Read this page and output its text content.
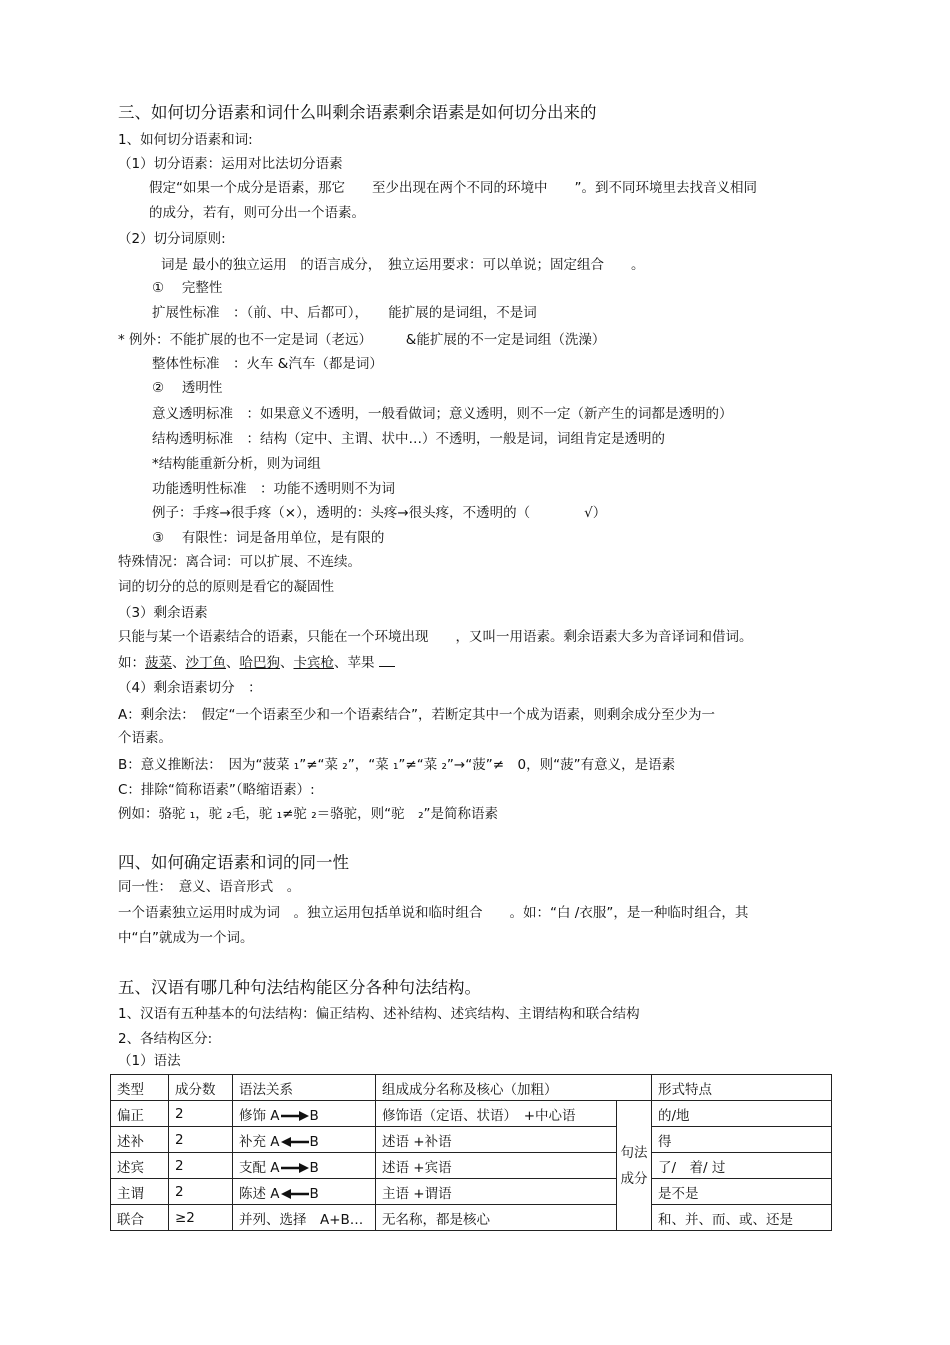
三、如何切分语素和词什么叫剩余语素剩余语素是如何切分出来的
1、如何切分语素和词:
（1）切分语素：运用对比法切分语素
假定“如果一个成分是语素，那它　　至少出现在两个不同的环境中　　”。到不同环境里去找音义相同
的成分，若有，则可分出一个语素。
（2）切分词原则:
词是 最小的独立运用　的语言成分，　独立运用要求：可以单说；固定组合　　。
①　 完整性
扩展性标准　：（前、中、后都可），　　能扩展的是词组，不是词
* 例外：不能扩展的也不一定是词（老远）　　　&能扩展的不一定是词组（洗澡）
整体性标准　：火车 &汽车（都是词）
②　 透明性
意义透明标准　：如果意义不透明，一般看做词；意义透明，则不一定（新产生的词都是透明的）
结构透明标准　：结构（定中、主谓、状中…）不透明，一般是词，词组肯定是透明的
*结构能重新分析，则为词组
功能透明性标准　：功能不透明则不为词
例子：手疼→很手疼（×），透明的：头疼→很头疼，不透明的（　　　　√）
③　 有限性：词是备用单位，是有限的
特殊情况：离合词：可以扩展、不连续。
词的切分的总的原则是看它的凝固性
（3）剩余语素
只能与某一个语素结合的语素，只能在一个环境出现　　，又叫一用语素。剩余语素大多为音译词和借词。
如：菠菜、沙丁鱼、哈巴狗、卡宾枪、苹果
（4）剩余语素切分　：
A：剩余法：　假定“一个语素至少和一个语素结合”，若断定其中一个成为语素，则剩余成分至少为一
个语素。
B：意义推断法：　因为“菠菜 ₁”≠“菜 ₂”，“菜 ₁”≠“菜 ₂”→“菠”≠　0，则“菠”有意义，是语素
C：排除“简称语素”（略缩语素）:
例如：骆驼 ₁，驼 ₂毛，驼 ₁≠驼 ₂＝骆驼，则“驼　₂”是简称语素
四、如何确定语素和词的同一性
同一性：　意义、语音形式　。
一个语素独立运用时成为词　。独立运用包括单说和临时组合　　。如：“白 /衣服”，是一种临时组合，其
中“白”就成为一个词。
五、汉语有哪几种句法结构能区分各种句法结构。
1、汉语有五种基本的句法结构：偏正结构、述补结构、述宾结构、主谓结构和联合结构
2、各结构区分:
（1）语法
类型	成分数	语法关系	组成成分名称及核心（加粗）		形式特点
偏正	2	修饰 A B	修饰语（定语、状语）　+中心语	句法成分	的/地
述补	2	补充 A B	述语 +补语		得
述宾	2	支配 A B	述语 +宾语		了/　着/ 过
主谓	2	陈述 A B	主语 +谓语		是不是
联合	≥2	并列、选择　A+B…	无名称，都是核心		和、并、而、或、还是
